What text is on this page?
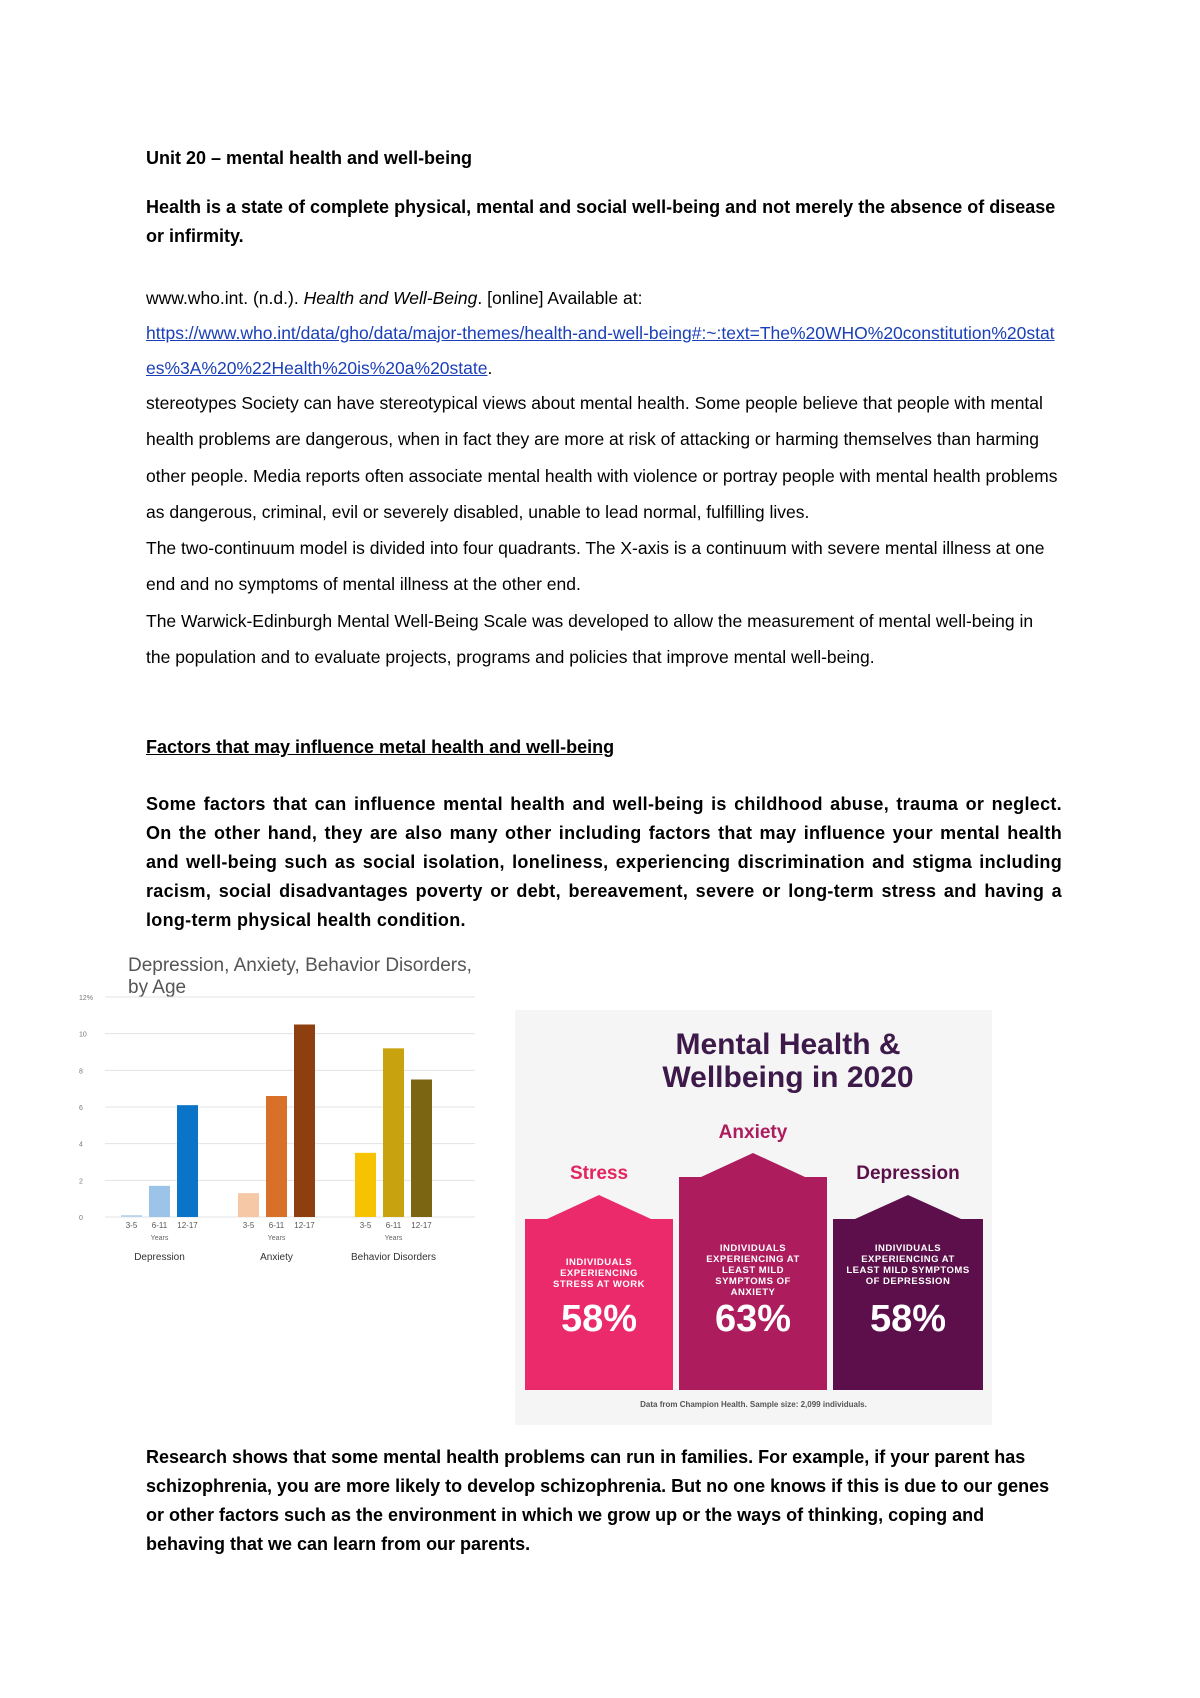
Unit 20 – mental health and well-being
Health is a state of complete physical, mental and social well-being and not merely the absence of disease or infirmity.
www.who.int. (n.d.). Health and Well-Being. [online] Available at:
https://www.who.int/data/gho/data/major-themes/health-and-well-being#:~:text=The%20WHO%20constitution%20states%3A%20%22Health%20is%20a%20state.

stereotypes Society can have stereotypical views about mental health. Some people believe that people with mental health problems are dangerous, when in fact they are more at risk of attacking or harming themselves than harming other people. Media reports often associate mental health with violence or portray people with mental health problems as dangerous, criminal, evil or severely disabled, unable to lead normal, fulfilling lives.

The two-continuum model is divided into four quadrants. The X-axis is a continuum with severe mental illness at one end and no symptoms of mental illness at the other end.

The Warwick-Edinburgh Mental Well-Being Scale was developed to allow the measurement of mental well-being in the population and to evaluate projects, programs and policies that improve mental well-being.

Factors that may influence metal health and well-being
Some factors that can influence mental health and well-being is childhood abuse, trauma or neglect. On the other hand, they are also many other including factors that may influence your mental health and well-being such as social isolation, loneliness, experiencing discrimination and stigma including racism, social disadvantages poverty or debt, bereavement, severe or long-term stress and having a long-term physical health condition.
Depression, Anxiety, Behavior Disorders, by Age
0
2
4
6
8
10
12%
3-5 6-11 12-17
Years
Depression
3-5 6-11 12-17
Years
Anxiety
3-5 6-11 12-17
Years
Behavior Disorders
Mental Health & Wellbeing in 2020
Stress
INDIVIDUALS EXPERIENCING STRESS AT WORK
58%
Anxiety
INDIVIDUALS EXPERIENCING AT LEAST MILD SYMPTOMS OF ANXIETY
63%
Depression
INDIVIDUALS EXPERIENCING AT LEAST MILD SYMPTOMS OF DEPRESSION
58%
Data from Champion Health. Sample size: 2,099 individuals.
Research shows that some mental health problems can run in families. For example, if your parent has schizophrenia, you are more likely to develop schizophrenia. But no one knows if this is due to our genes or other factors such as the environment in which we grow up or the ways of thinking, coping and behaving that we can learn from our parents.
